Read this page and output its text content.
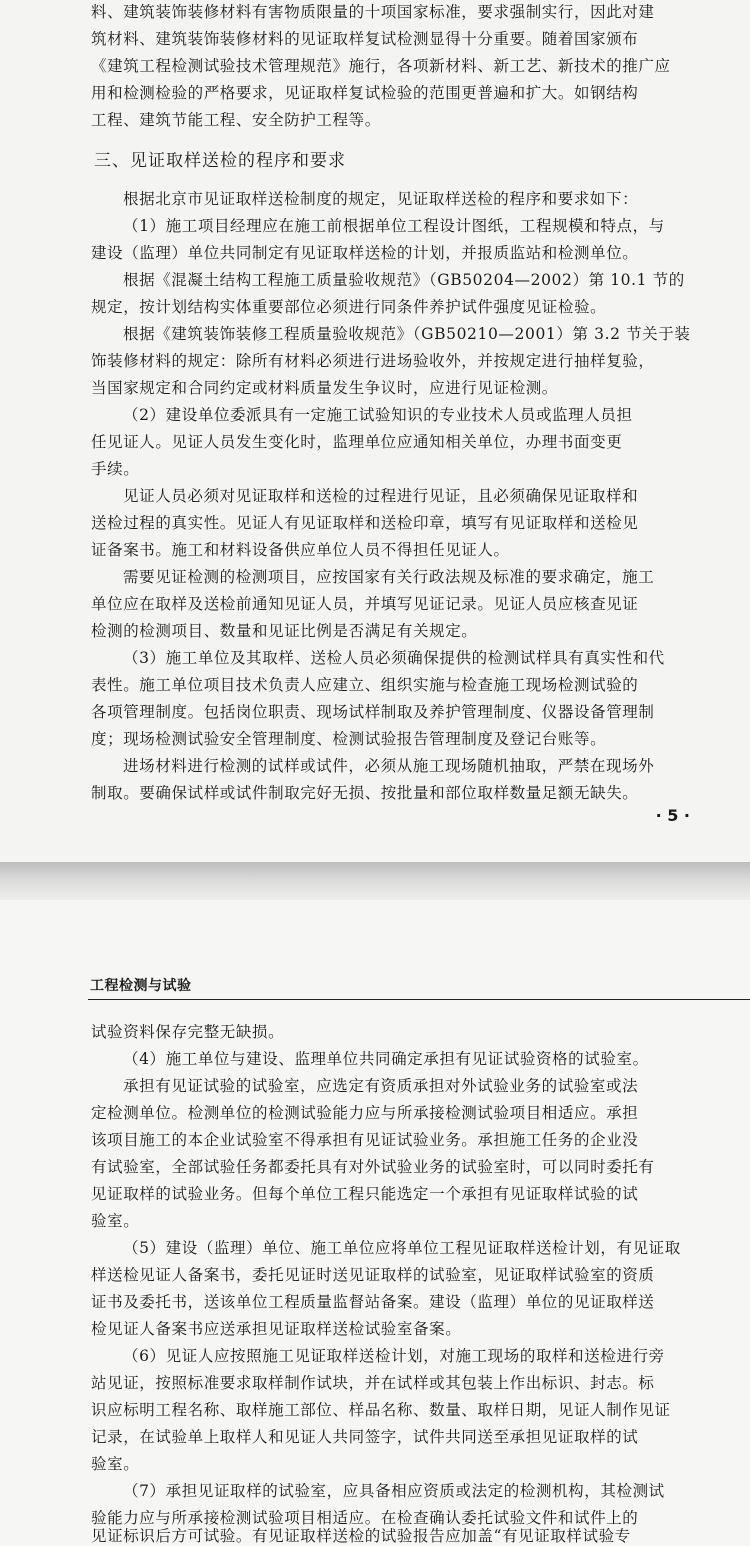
料、建筑装饰装修材料有害物质限量的十项国家标准，要求强制实行，因此对建
筑材料、建筑装饰装修材料的见证取样复试检测显得十分重要。随着国家颁布
《建筑工程检测试验技术管理规范》施行，各项新材料、新工艺、新技术的推广应
用和检测检验的严格要求，见证取样复试检验的范围更普遍和扩大。如钢结构
工程、建筑节能工程、安全防护工程等。
三、见证取样送检的程序和要求
根据北京市见证取样送检制度的规定，见证取样送检的程序和要求如下：
（1）施工项目经理应在施工前根据单位工程设计图纸，工程规模和特点，与
建设（监理）单位共同制定有见证取样送检的计划，并报质监站和检测单位。
根据《混凝土结构工程施工质量验收规范》（GB50204—2002）第 10.1 节的
规定，按计划结构实体重要部位必须进行同条件养护试件强度见证检验。
根据《建筑装饰装修工程质量验收规范》（GB50210—2001）第 3.2 节关于装
饰装修材料的规定：除所有材料必须进行进场验收外，并按规定进行抽样复验，
当国家规定和合同约定或材料质量发生争议时，应进行见证检测。
（2）建设单位委派具有一定施工试验知识的专业技术人员或监理人员担
任见证人。见证人员发生变化时，监理单位应通知相关单位，办理书面变更
手续。
见证人员必须对见证取样和送检的过程进行见证，且必须确保见证取样和
送检过程的真实性。见证人有见证取样和送检印章，填写有见证取样和送检见
证备案书。施工和材料设备供应单位人员不得担任见证人。
需要见证检测的检测项目，应按国家有关行政法规及标准的要求确定，施工
单位应在取样及送检前通知见证人员，并填写见证记录。见证人员应核查见证
检测的检测项目、数量和见证比例是否满足有关规定。
（3）施工单位及其取样、送检人员必须确保提供的检测试样具有真实性和代
表性。施工单位项目技术负责人应建立、组织实施与检查施工现场检测试验的
各项管理制度。包括岗位职责、现场试样制取及养护管理制度、仪器设备管理制
度；现场检测试验安全管理制度、检测试验报告管理制度及登记台账等。
进场材料进行检测的试样或试件，必须从施工现场随机抽取，严禁在现场外
制取。要确保试样或试件制取完好无损、按批量和部位取样数量足额无缺失。
· 5 ·
工程检测与试验
试验资料保存完整无缺损。
（4）施工单位与建设、监理单位共同确定承担有见证试验资格的试验室。
承担有见证试验的试验室，应选定有资质承担对外试验业务的试验室或法
定检测单位。检测单位的检测试验能力应与所承接检测试验项目相适应。承担
该项目施工的本企业试验室不得承担有见证试验业务。承担施工任务的企业没
有试验室，全部试验任务都委托具有对外试验业务的试验室时，可以同时委托有
见证取样的试验业务。但每个单位工程只能选定一个承担有见证取样试验的试
验室。
（5）建设（监理）单位、施工单位应将单位工程见证取样送检计划，有见证取
样送检见证人备案书，委托见证时送见证取样的试验室，见证取样试验室的资质
证书及委托书，送该单位工程质量监督站备案。建设（监理）单位的见证取样送
检见证人备案书应送承担见证取样送检试验室备案。
（6）见证人应按照施工见证取样送检计划，对施工现场的取样和送检进行旁
站见证，按照标准要求取样制作试块，并在试样或其包装上作出标识、封志。标
识应标明工程名称、取样施工部位、样品名称、数量、取样日期，见证人制作见证
记录，在试验单上取样人和见证人共同签字，试件共同送至承担见证取样的试
验室。
（7）承担见证取样的试验室，应具备相应资质或法定的检测机构，其检测试
验能力应与所承接检测试验项目相适应。在检查确认委托试验文件和试件上的
见证标识后方可试验。有见证取样送检的试验报告应加盖“有见证取样试验专
